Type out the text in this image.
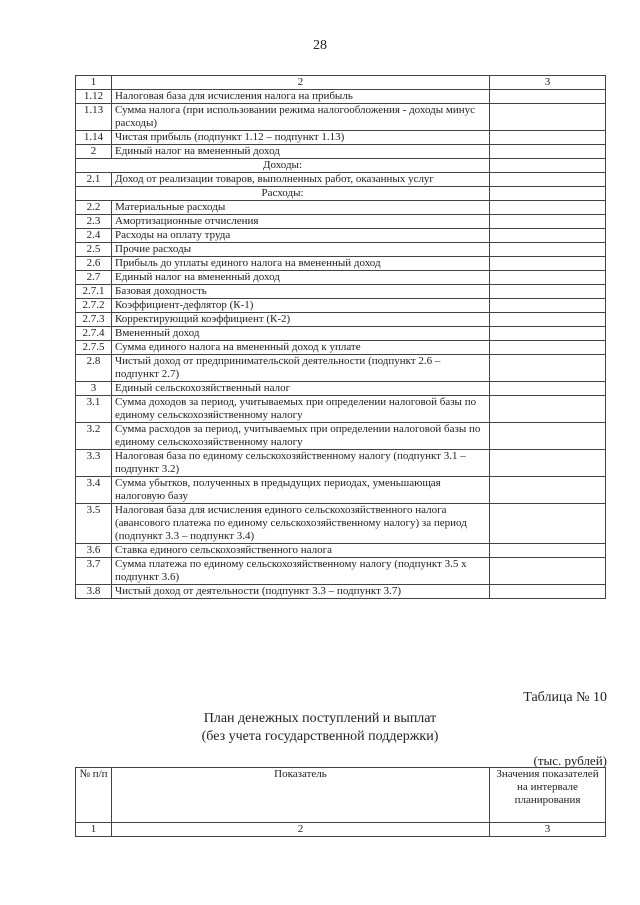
28
1	2	3
1.12	Налоговая база для исчисления налога на прибыль	
1.13	Сумма налога (при использовании режима налогообложения - доходы минус расходы)	
1.14	Чистая прибыль (подпункт 1.12 – подпункт 1.13)	
2	Единый налог на вмененный доход	
Доходы:		
2.1	Доход от реализации товаров, выполненных работ, оказанных услуг	
Расходы:		
2.2	Материальные расходы	
2.3	Амортизационные отчисления	
2.4	Расходы на оплату труда	
2.5	Прочие расходы	
2.6	Прибыль до уплаты единого налога на вмененный доход	
2.7	Единый налог на вмененный доход	
2.7.1	Базовая доходность	
2.7.2	Коэффициент-дефлятор (К-1)	
2.7.3	Корректирующий коэффициент (К-2)	
2.7.4	Вмененный доход	
2.7.5	Сумма единого налога на вмененный доход к уплате	
2.8	Чистый доход от предпринимательской деятельности (подпункт 2.6 – подпункт 2.7)	
3	Единый сельскохозяйственный налог	
3.1	Сумма доходов за период, учитываемых при определении налоговой базы по единому сельскохозяйственному налогу	
3.2	Сумма расходов за период, учитываемых при определении налоговой базы по единому сельскохозяйственному налогу	
3.3	Налоговая база по единому сельскохозяйственному налогу (подпункт 3.1 – подпункт 3.2)	
3.4	Сумма убытков, полученных в предыдущих периодах, уменьшающая налоговую базу	
3.5	Налоговая база для исчисления единого сельскохозяйственного налога (авансового платежа по единому сельскохозяйственному налогу) за период (подпункт 3.3 – подпункт 3.4)	
3.6	Ставка единого сельскохозяйственного налога	
3.7	Сумма платежа по единому сельскохозяйственному налогу (подпункт 3.5 х подпункт 3.6)	
3.8	Чистый доход от деятельности (подпункт 3.3 – подпункт 3.7)	
Таблица № 10
План денежных поступлений и выплат
(без учета государственной поддержки)
(тыс. рублей)
№ п/п	Показатель	Значения показателей на интервале планирования
1	2	3
